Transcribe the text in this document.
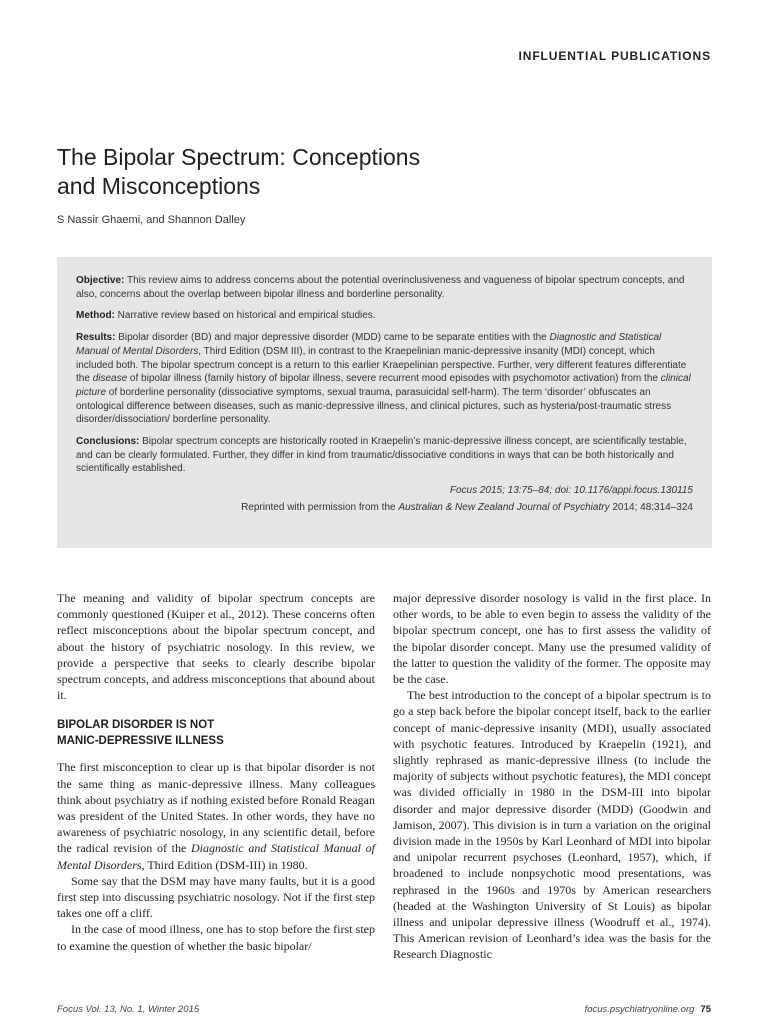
INFLUENTIAL PUBLICATIONS
The Bipolar Spectrum: Conceptions
and Misconceptions
S Nassir Ghaemi, and Shannon Dalley

Objective: This review aims to address concerns about the potential overinclusiveness and vagueness of bipolar spectrum concepts, and also, concerns about the overlap between bipolar illness and borderline personality.

Method: Narrative review based on historical and empirical studies.

Results: Bipolar disorder (BD) and major depressive disorder (MDD) came to be separate entities with the Diagnostic and Statistical Manual of Mental Disorders, Third Edition (DSM III), in contrast to the Kraepelinian manic-depressive insanity (MDI) concept, which included both. The bipolar spectrum concept is a return to this earlier Kraepelinian perspective. Further, very different features differentiate the disease of bipolar illness (family history of bipolar illness, severe recurrent mood episodes with psychomotor activation) from the clinical picture of borderline personality (dissociative symptoms, sexual trauma, parasuicidal self-harm). The term ‘disorder’ obfuscates an ontological difference between diseases, such as manic-depressive illness, and clinical pictures, such as hysteria/post-traumatic stress disorder/dissociation/ borderline personality.

Conclusions: Bipolar spectrum concepts are historically rooted in Kraepelin’s manic-depressive illness concept, are scientifically testable, and can be clearly formulated. Further, they differ in kind from traumatic/dissociative conditions in ways that can be both historically and scientifically established.

Focus 2015; 13:75–84; doi: 10.1176/appi.focus.130115

Reprinted with permission from the Australian & New Zealand Journal of Psychiatry 2014; 48:314–324

The meaning and validity of bipolar spectrum concepts are commonly questioned (Kuiper et al., 2012). These concerns often reflect misconceptions about the bipolar spectrum concept, and about the history of psychiatric nosology. In this review, we provide a perspective that seeks to clearly describe bipolar spectrum concepts, and address misconceptions that abound about it.

BIPOLAR DISORDER IS NOT
MANIC-DEPRESSIVE ILLNESS

The first misconception to clear up is that bipolar disorder is not the same thing as manic-depressive illness. Many colleagues think about psychiatry as if nothing existed before Ronald Reagan was president of the United States. In other words, they have no awareness of psychiatric nosology, in any scientific detail, before the radical revision of the Diagnostic and Statistical Manual of Mental Disorders, Third Edition (DSM-III) in 1980.

Some say that the DSM may have many faults, but it is a good first step into discussing psychiatric nosology. Not if the first step takes one off a cliff.

In the case of mood illness, one has to stop before the first step to examine the question of whether the basic bipolar/

major depressive disorder nosology is valid in the first place. In other words, to be able to even begin to assess the validity of the bipolar spectrum concept, one has to first assess the validity of the bipolar disorder concept. Many use the presumed validity of the latter to question the validity of the former. The opposite may be the case.

The best introduction to the concept of a bipolar spectrum is to go a step back before the bipolar concept itself, back to the earlier concept of manic-depressive insanity (MDI), usually associated with psychotic features. Introduced by Kraepelin (1921), and slightly rephrased as manic-depressive illness (to include the majority of subjects without psychotic features), the MDI concept was divided officially in 1980 in the DSM-III into bipolar disorder and major depressive disorder (MDD) (Goodwin and Jamison, 2007). This division is in turn a variation on the original division made in the 1950s by Karl Leonhard of MDI into bipolar and unipolar recurrent psychoses (Leonhard, 1957), which, if broadened to include nonpsychotic mood presentations, was rephrased in the 1960s and 1970s by American researchers (headed at the Washington University of St Louis) as bipolar illness and unipolar depressive illness (Woodruff et al., 1974). This American revision of Leonhard’s idea was the basis for the Research Diagnostic

Focus Vol. 13, No. 1, Winter 2015	focus.psychiatryonline.org 75
